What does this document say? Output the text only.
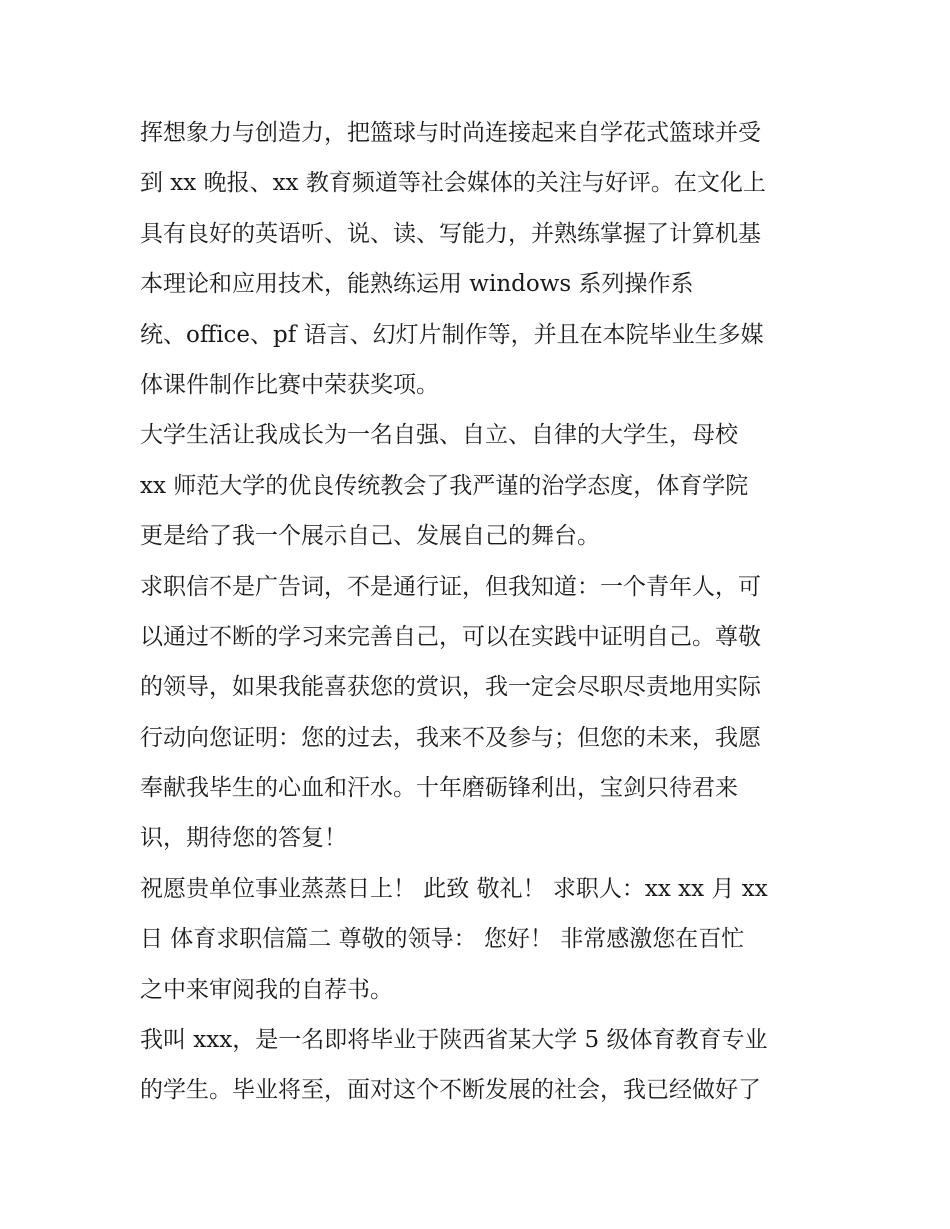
挥想象力与创造力，把篮球与时尚连接起来自学花式篮球并受
到 xx 晚报、xx 教育频道等社会媒体的关注与好评。在文化上
具有良好的英语听、说、读、写能力，并熟练掌握了计算机基
本理论和应用技术，能熟练运用 windows 系列操作系
统、office、pf 语言、幻灯片制作等，并且在本院毕业生多媒
体课件制作比赛中荣获奖项。
大学生活让我成长为一名自强、自立、自律的大学生，母校
xx 师范大学的优良传统教会了我严谨的治学态度，体育学院
更是给了我一个展示自己、发展自己的舞台。
求职信不是广告词，不是通行证，但我知道：一个青年人，可
以通过不断的学习来完善自己，可以在实践中证明自己。尊敬
的领导，如果我能喜获您的赏识，我一定会尽职尽责地用实际
行动向您证明：您的过去，我来不及参与；但您的未来，我愿
奉献我毕生的心血和汗水。十年磨砺锋利出，宝剑只待君来
识，期待您的答复！
祝愿贵单位事业蒸蒸日上！ 此致 敬礼！ 求职人：xx xx 月 xx
日 体育求职信篇二 尊敬的领导： 您好！ 非常感激您在百忙
之中来审阅我的自荐书。
我叫 xxx，是一名即将毕业于陕西省某大学 5 级体育教育专业
的学生。毕业将至，面对这个不断发展的社会，我已经做好了
